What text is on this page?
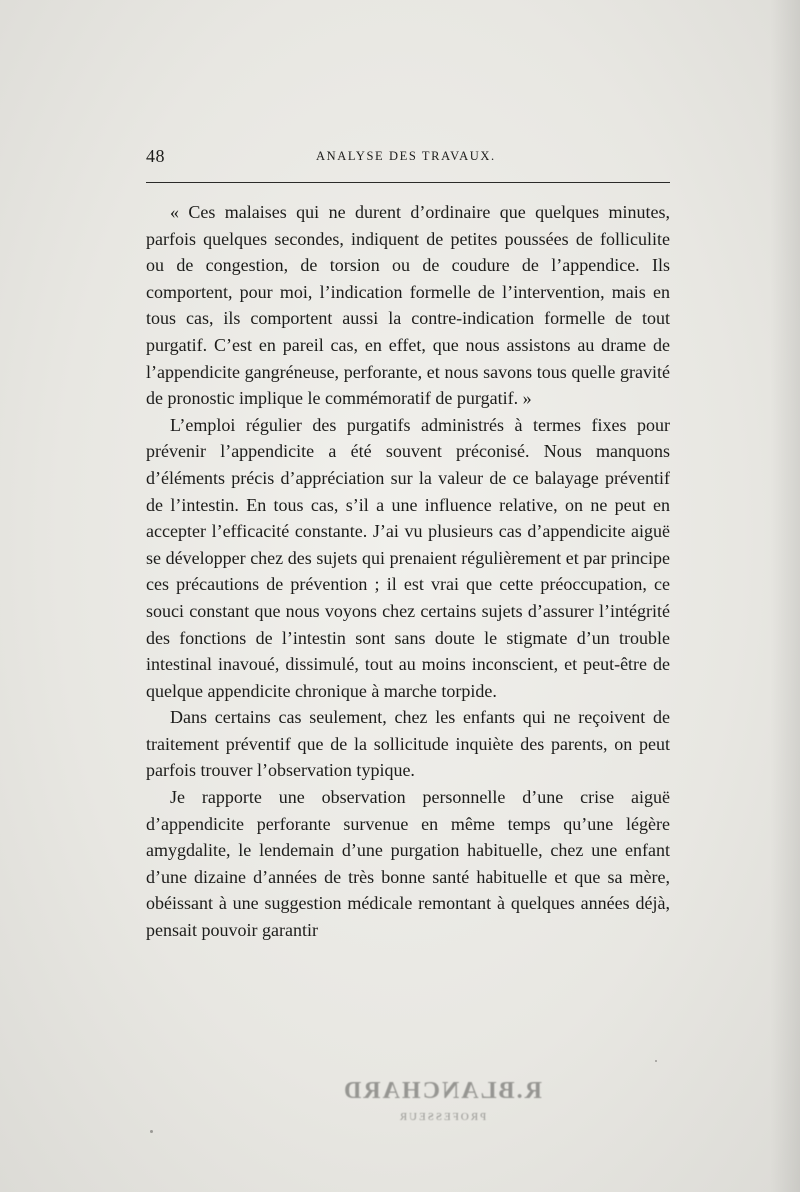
48	ANALYSE DES TRAVAUX.

« Ces malaises qui ne durent d’ordinaire que quelques minutes, parfois quelques secondes, indiquent de petites poussées de folliculite ou de congestion, de torsion ou de coudure de l’appendice. Ils comportent, pour moi, l’indication formelle de l’intervention, mais en tous cas, ils comportent aussi la contre-indication formelle de tout purgatif. C’est en pareil cas, en effet, que nous assistons au drame de l’appendicite gangréneuse, perforante, et nous savons tous quelle gravité de pronostic implique le commémoratif de purgatif. »

L’emploi régulier des purgatifs administrés à termes fixes pour prévenir l’appendicite a été souvent préconisé. Nous manquons d’éléments précis d’appréciation sur la valeur de ce balayage préventif de l’intestin. En tous cas, s’il a une influence relative, on ne peut en accepter l’efficacité constante. J’ai vu plusieurs cas d’appendicite aiguë se développer chez des sujets qui prenaient régulièrement et par principe ces précautions de prévention ; il est vrai que cette préoccupation, ce souci constant que nous voyons chez certains sujets d’assurer l’intégrité des fonctions de l’intestin sont sans doute le stigmate d’un trouble intestinal inavoué, dissimulé, tout au moins inconscient, et peut-être de quelque appendicite chronique à marche torpide.

Dans certains cas seulement, chez les enfants qui ne reçoivent de traitement préventif que de la sollicitude inquiète des parents, on peut parfois trouver l’observation typique.

Je rapporte une observation personnelle d’une crise aiguë d’appendicite perforante survenue en même temps qu’une légère amygdalite, le lendemain d’une purgation habituelle, chez une enfant d’une dizaine d’années de très bonne santé habituelle et que sa mère, obéissant à une suggestion médicale remontant à quelques années déjà, pensait pouvoir garantir

R.BLANCHARD
PROFESSEUR
